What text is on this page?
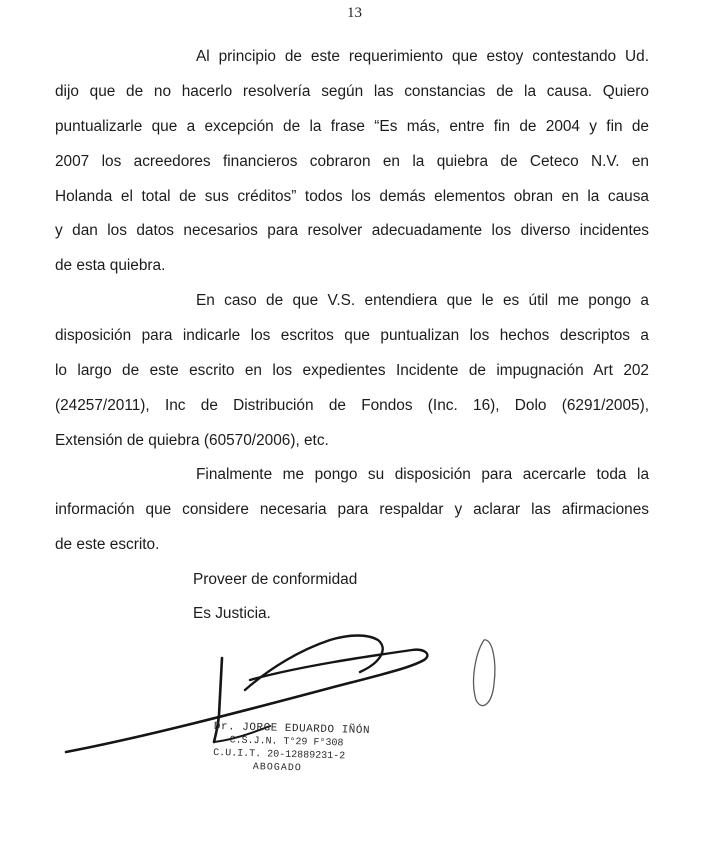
13
Al principio de este requerimiento que estoy contestando Ud.
dijo que de no hacerlo resolvería según las constancias de la causa. Quiero
puntualizarle que a excepción de la frase “Es más, entre fin de 2004 y fin de
2007 los acreedores financieros cobraron en la quiebra de Ceteco N.V. en
Holanda el total de sus créditos” todos los demás elementos obran en la causa
y dan los datos necesarios para resolver adecuadamente los diverso incidentes
de esta quiebra.
En caso de que V.S. entendiera que le es útil me pongo a
disposición para indicarle los escritos que puntualizan los hechos descriptos a
lo largo de este escrito en los expedientes Incidente de impugnación Art 202
(24257/2011), Inc de Distribución de Fondos (Inc. 16), Dolo (6291/2005),
Extensión de quiebra (60570/2006), etc.
Finalmente me pongo su disposición para acercarle toda la
información que considere necesaria para respaldar y aclarar las afirmaciones
de este escrito.
Proveer de conformidad
Es Justicia.
Dr. JORGE EDUARDO IÑÓN
C.S.J.N. T°29 F°308
C.U.I.T. 20-12889231-2
ABOGADO
